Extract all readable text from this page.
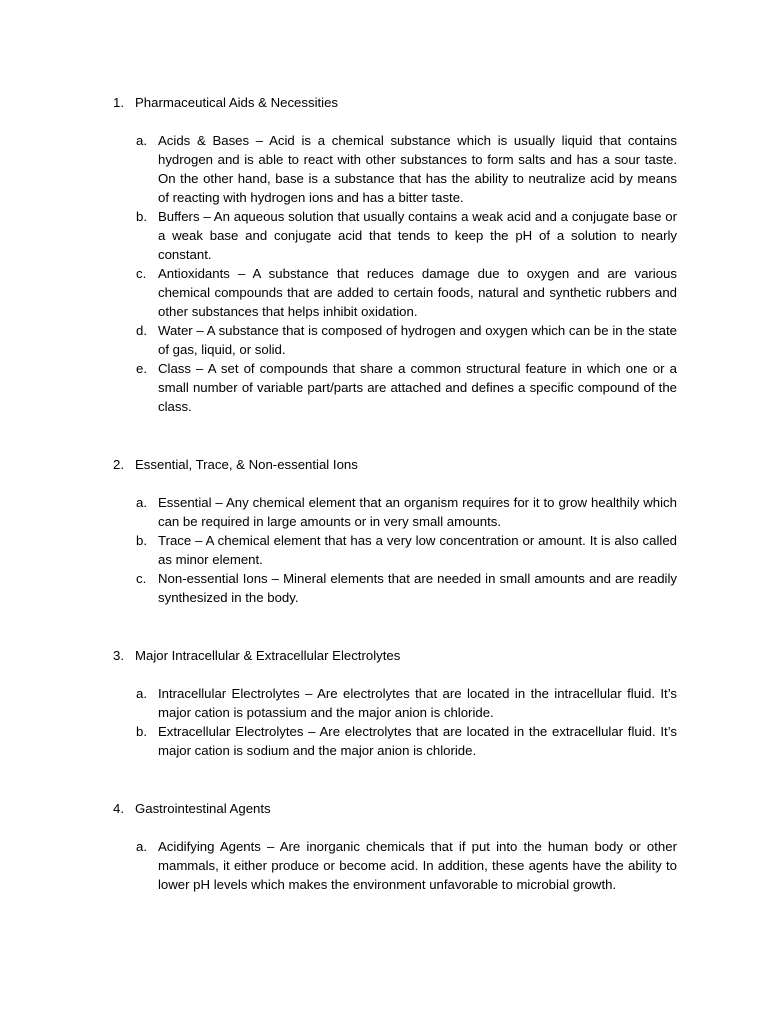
1. Pharmaceutical Aids & Necessities
a. Acids & Bases – Acid is a chemical substance which is usually liquid that contains hydrogen and is able to react with other substances to form salts and has a sour taste. On the other hand, base is a substance that has the ability to neutralize acid by means of reacting with hydrogen ions and has a bitter taste.
b. Buffers – An aqueous solution that usually contains a weak acid and a conjugate base or a weak base and conjugate acid that tends to keep the pH of a solution to nearly constant.
c. Antioxidants – A substance that reduces damage due to oxygen and are various chemical compounds that are added to certain foods, natural and synthetic rubbers and other substances that helps inhibit oxidation.
d. Water – A substance that is composed of hydrogen and oxygen which can be in the state of gas, liquid, or solid.
e. Class – A set of compounds that share a common structural feature in which one or a small number of variable part/parts are attached and defines a specific compound of the class.
2. Essential, Trace, & Non-essential Ions
a. Essential – Any chemical element that an organism requires for it to grow healthily which can be required in large amounts or in very small amounts.
b. Trace – A chemical element that has a very low concentration or amount. It is also called as minor element.
c. Non-essential Ions – Mineral elements that are needed in small amounts and are readily synthesized in the body.
3. Major Intracellular & Extracellular Electrolytes
a. Intracellular Electrolytes – Are electrolytes that are located in the intracellular fluid. It’s major cation is potassium and the major anion is chloride.
b. Extracellular Electrolytes – Are electrolytes that are located in the extracellular fluid. It’s major cation is sodium and the major anion is chloride.
4. Gastrointestinal Agents
a. Acidifying Agents – Are inorganic chemicals that if put into the human body or other mammals, it either produce or become acid. In addition, these agents have the ability to lower pH levels which makes the environment unfavorable to microbial growth.
